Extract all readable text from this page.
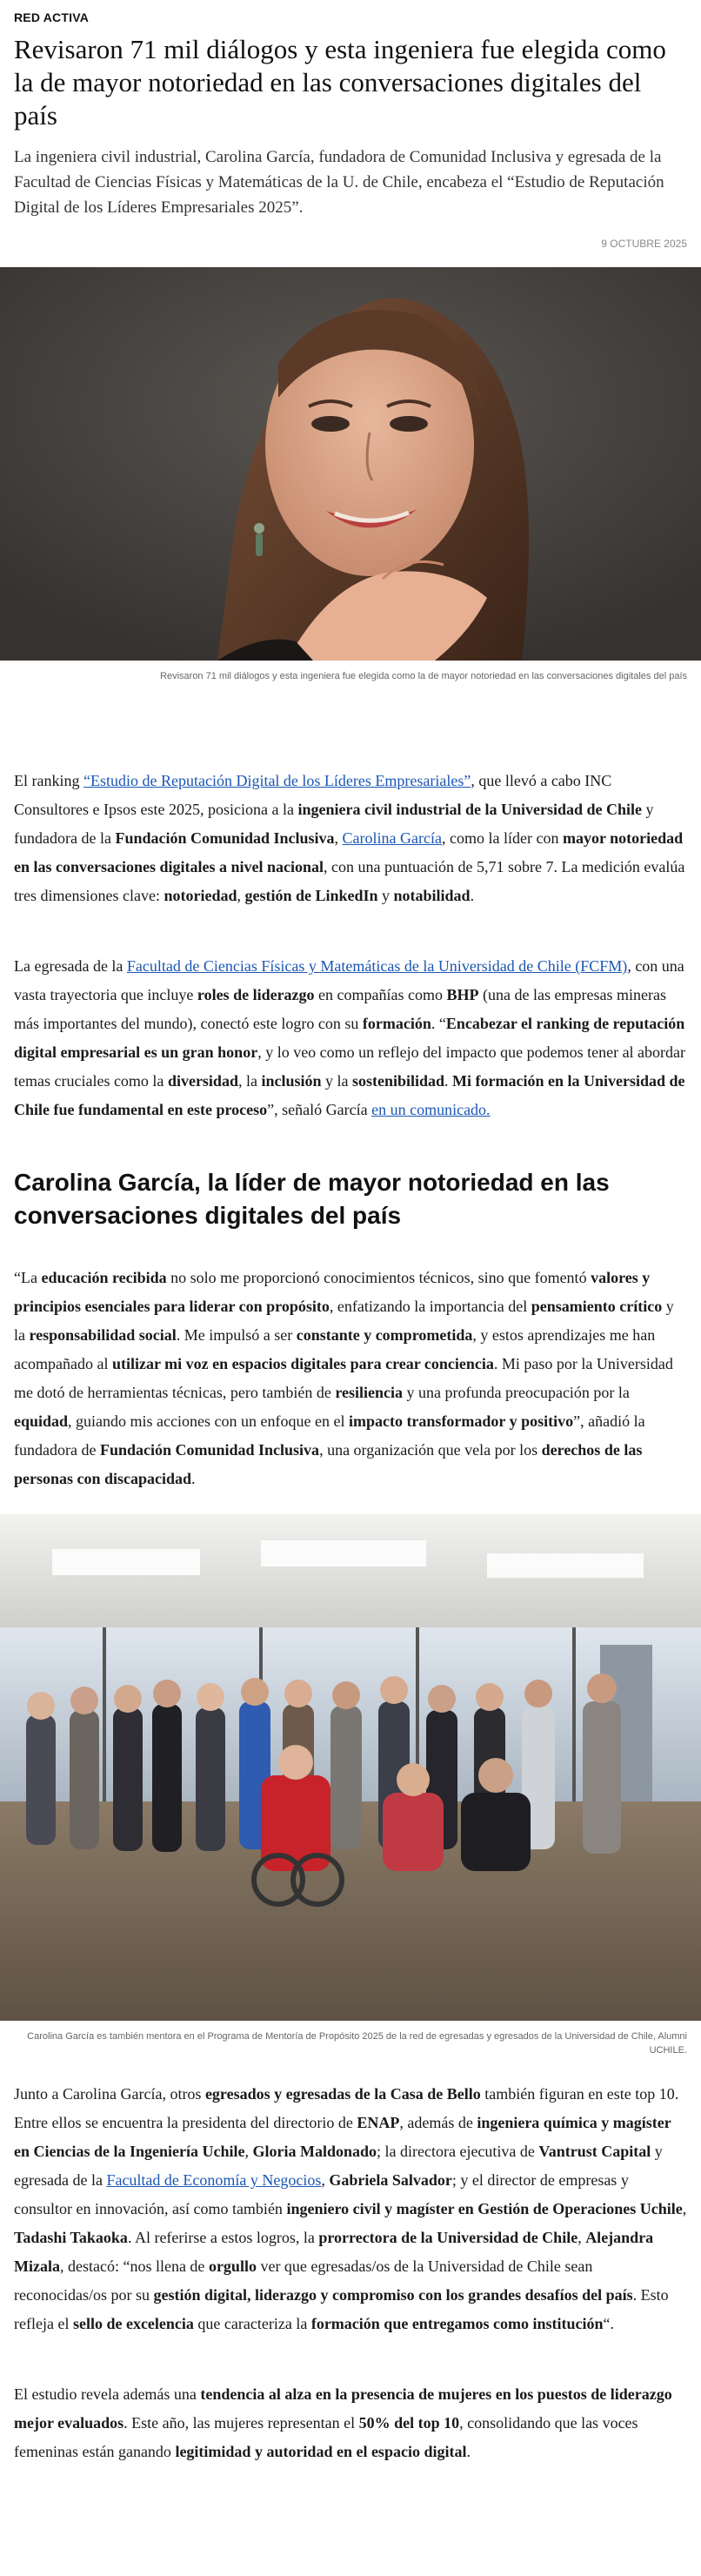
RED ACTIVA
Revisaron 71 mil diálogos y esta ingeniera fue elegida como la de mayor notoriedad en las conversaciones digitales del país

La ingeniera civil industrial, Carolina García, fundadora de Comunidad Inclusiva y egresada de la Facultad de Ciencias Físicas y Matemáticas de la U. de Chile, encabeza el “Estudio de Reputación Digital de los Líderes Empresariales 2025”.

9 OCTUBRE 2025
Revisaron 71 mil diálogos y esta ingeniera fue elegida como la de mayor notoriedad en las conversaciones digitales del país

El ranking “Estudio de Reputación Digital de los Líderes Empresariales”, que llevó a cabo INC Consultores e Ipsos este 2025, posiciona a la ingeniera civil industrial de la Universidad de Chile y fundadora de la Fundación Comunidad Inclusiva, Carolina García, como la líder con mayor notoriedad en las conversaciones digitales a nivel nacional, con una puntuación de 5,71 sobre 7. La medición evalúa tres dimensiones clave: notoriedad, gestión de LinkedIn y notabilidad.

La egresada de la Facultad de Ciencias Físicas y Matemáticas de la Universidad de Chile (FCFM), con una vasta trayectoria que incluye roles de liderazgo en compañías como BHP (una de las empresas mineras más importantes del mundo), conectó este logro con su formación. “Encabezar el ranking de reputación digital empresarial es un gran honor, y lo veo como un reflejo del impacto que podemos tener al abordar temas cruciales como la diversidad, la inclusión y la sostenibilidad. Mi formación en la Universidad de Chile fue fundamental en este proceso”, señaló García en un comunicado.

Carolina García, la líder de mayor notoriedad en las conversaciones digitales del país

“La educación recibida no solo me proporcionó conocimientos técnicos, sino que fomentó valores y principios esenciales para liderar con propósito, enfatizando la importancia del pensamiento crítico y la responsabilidad social. Me impulsó a ser constante y comprometida, y estos aprendizajes me han acompañado al utilizar mi voz en espacios digitales para crear conciencia. Mi paso por la Universidad me dotó de herramientas técnicas, pero también de resiliencia y una profunda preocupación por la equidad, guiando mis acciones con un enfoque en el impacto transformador y positivo”, añadió la fundadora de Fundación Comunidad Inclusiva, una organización que vela por los derechos de las personas con discapacidad.

Carolina García es también mentora en el Programa de Mentoría de Propósito 2025 de la red de egresadas y egresados de la Universidad de Chile, Alumni UCHILE.

Junto a Carolina García, otros egresados y egresadas de la Casa de Bello también figuran en este top 10. Entre ellos se encuentra la presidenta del directorio de ENAP, además de ingeniera química y magíster en Ciencias de la Ingeniería Uchile, Gloria Maldonado; la directora ejecutiva de Vantrust Capital y egresada de la Facultad de Economía y Negocios, Gabriela Salvador; y el director de empresas y consultor en innovación, así como también ingeniero civil y magíster en Gestión de Operaciones Uchile, Tadashi Takaoka. Al referirse a estos logros, la prorrectora de la Universidad de Chile, Alejandra Mizala, destacó: “nos llena de orgullo ver que egresadas/os de la Universidad de Chile sean reconocidas/os por su gestión digital, liderazgo y compromiso con los grandes desafíos del país. Esto refleja el sello de excelencia que caracteriza la formación que entregamos como institución“.

El estudio revela además una tendencia al alza en la presencia de mujeres en los puestos de liderazgo mejor evaluados. Este año, las mujeres representan el 50% del top 10, consolidando que las voces femeninas están ganando legitimidad y autoridad en el espacio digital.
